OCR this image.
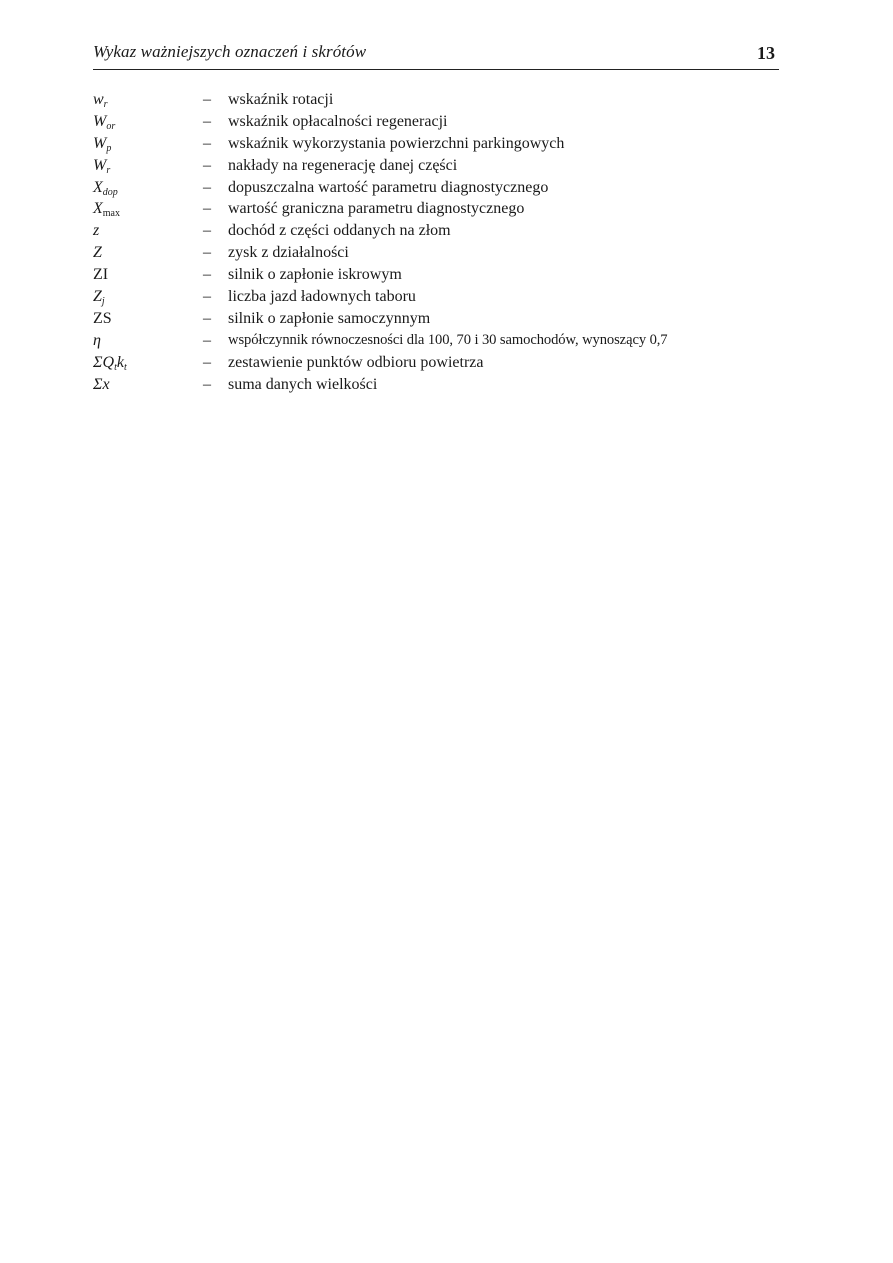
Wykaz ważniejszych oznaczeń i skrótów	13
$w_r$	– wskaźnik rotacji
$W_{or}$	– wskaźnik opłacalności regeneracji
$W_p$	– wskaźnik wykorzystania powierzchni parkingowych
$W_r$	– nakłady na regenerację danej części
$X_{dop}$	– dopuszczalna wartość parametru diagnostycznego
$X_{max}$	– wartość graniczna parametru diagnostycznego
z	– dochód z części oddanych na złom
Z	– zysk z działalności
ZI	– silnik o zapłonie iskrowym
$Z_j$	– liczba jazd ładownych taboru
ZS	– silnik o zapłonie samoczynnym
η	– współczynnik równoczesności dla 100, 70 i 30 samochodów, wynoszący 0,7
$\Sigma Q_tk_t$	– zestawienie punktów odbioru powietrza
Σx	– suma danych wielkości
